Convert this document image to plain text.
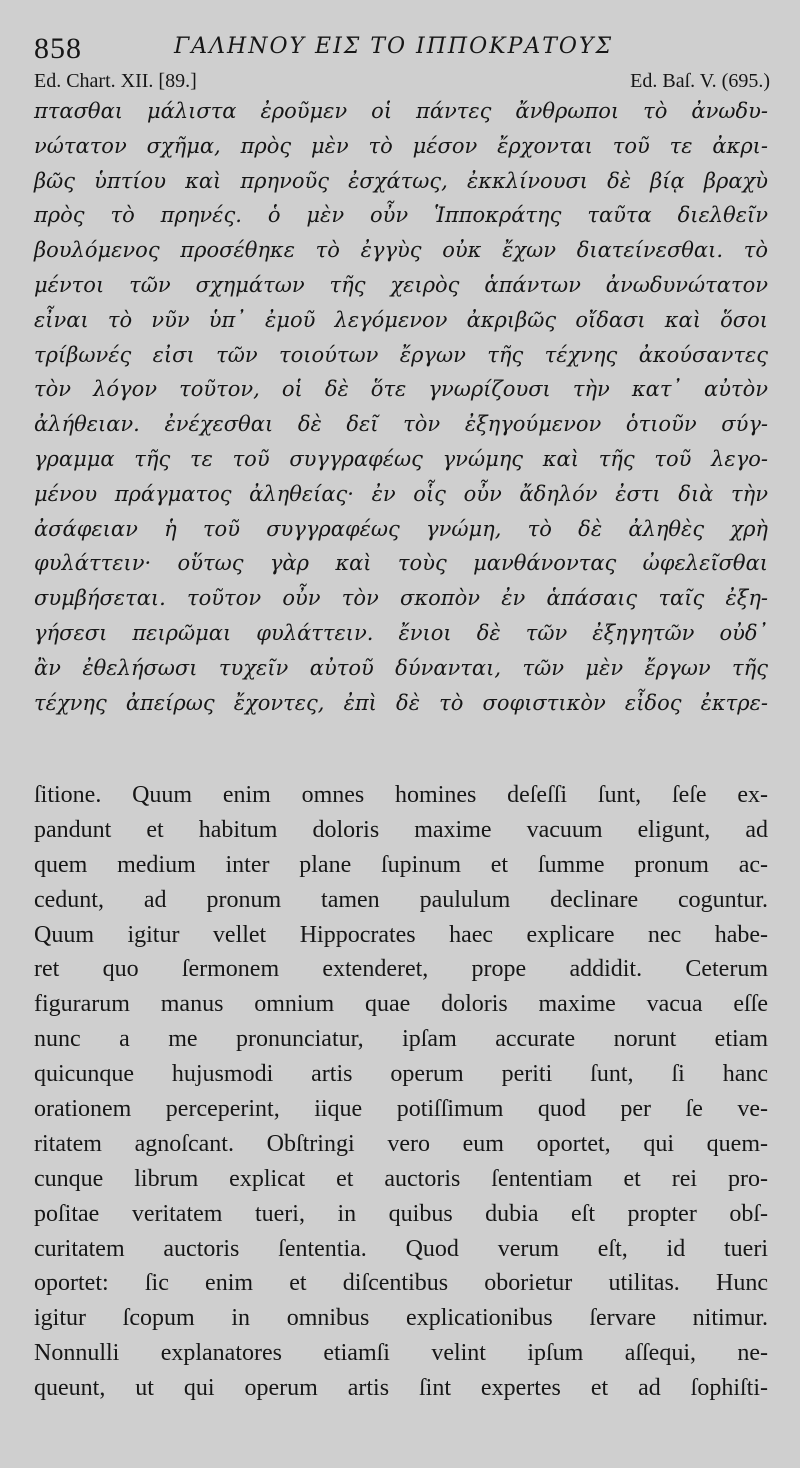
858	ΓΑΛΗΝΟΥ ΕΙΣ ΤΟ ΙΠΠΟΚΡΑΤΟΥΣ
Ed. Chart. XII. [89.]	Ed. Baſ. V. (695.)
πτασθαι μάλιστα ἐροῦμεν οἱ πάντες ἄνθρωποι τὸ ἀνωδυ-
νώτατον σχῆμα, πρὸς μὲν τὸ μέσον ἔρχονται τοῦ τε ἀκρι-
βῶς ὑπτίου καὶ πρηνοῦς ἐσχάτως, ἐκκλίνουσι δὲ βίᾳ βραχὺ
πρὸς τὸ πρηνές. ὁ μὲν οὖν Ἱπποκράτης ταῦτα διελθεῖν
βουλόμενος προσέθηκε τὸ ἐγγὺς οὐκ ἔχων διατείνεσθαι. τὸ
μέντοι τῶν σχημάτων τῆς χειρὸς ἁπάντων ἀνωδυνώτατον
εἶναι τὸ νῦν ὑπ᾽ ἐμοῦ λεγόμενον ἀκριβῶς οἴδασι καὶ ὅσοι
τρίβωνές εἰσι τῶν τοιούτων ἔργων τῆς τέχνης ἀκούσαντες
τὸν λόγον τοῦτον, οἱ δὲ ὅτε γνωρίζουσι τὴν κατ᾽ αὐτὸν
ἀλήθειαν. ἐνέχεσθαι δὲ δεῖ τὸν ἐξηγούμενον ὁτιοῦν σύγ-
γραμμα τῆς τε τοῦ συγγραφέως γνώμης καὶ τῆς τοῦ λεγο-
μένου πράγματος ἀληθείας· ἐν οἷς οὖν ἄδηλόν ἐστι διὰ τὴν
ἀσάφειαν ἡ τοῦ συγγραφέως γνώμη, τὸ δὲ ἀληθὲς χρὴ
φυλάττειν· οὕτως γὰρ καὶ τοὺς μανθάνοντας ὠφελεῖσθαι
συμβήσεται. τοῦτον οὖν τὸν σκοπὸν ἐν ἁπάσαις ταῖς ἐξη-
γήσεσι πειρῶμαι φυλάττειν. ἔνιοι δὲ τῶν ἐξηγητῶν οὐδ᾽
ἂν ἐθελήσωσι τυχεῖν αὐτοῦ δύνανται, τῶν μὲν ἔργων τῆς
τέχνης ἀπείρως ἔχοντες, ἐπὶ δὲ τὸ σοφιστικὸν εἶδος ἐκτρε-
ſitione. Quum enim omnes homines deſeſſi ſunt, ſeſe ex-
pandunt et habitum doloris maxime vacuum eligunt, ad
quem medium inter plane ſupinum et ſumme pronum ac-
cedunt, ad pronum tamen paululum declinare coguntur.
Quum igitur vellet Hippocrates haec explicare nec habe-
ret quo ſermonem extenderet, prope addidit. Ceterum
figurarum manus omnium quae doloris maxime vacua eſſe
nunc a me pronunciatur, ipſam accurate norunt etiam
quicunque hujusmodi artis operum periti ſunt, ſi hanc
orationem perceperint, iique potiſſimum quod per ſe ve-
ritatem agnoſcant. Obſtringi vero eum oportet, qui quem-
cunque librum explicat et auctoris ſententiam et rei pro-
poſitae veritatem tueri, in quibus dubia eſt propter obſ-
curitatem auctoris ſententia. Quod verum eſt, id tueri
oportet: ſic enim et diſcentibus oborietur utilitas. Hunc
igitur ſcopum in omnibus explicationibus ſervare nitimur.
Nonnulli explanatores etiamſi velint ipſum aſſequi, ne-
queunt, ut qui operum artis ſint expertes et ad ſophiſti-
